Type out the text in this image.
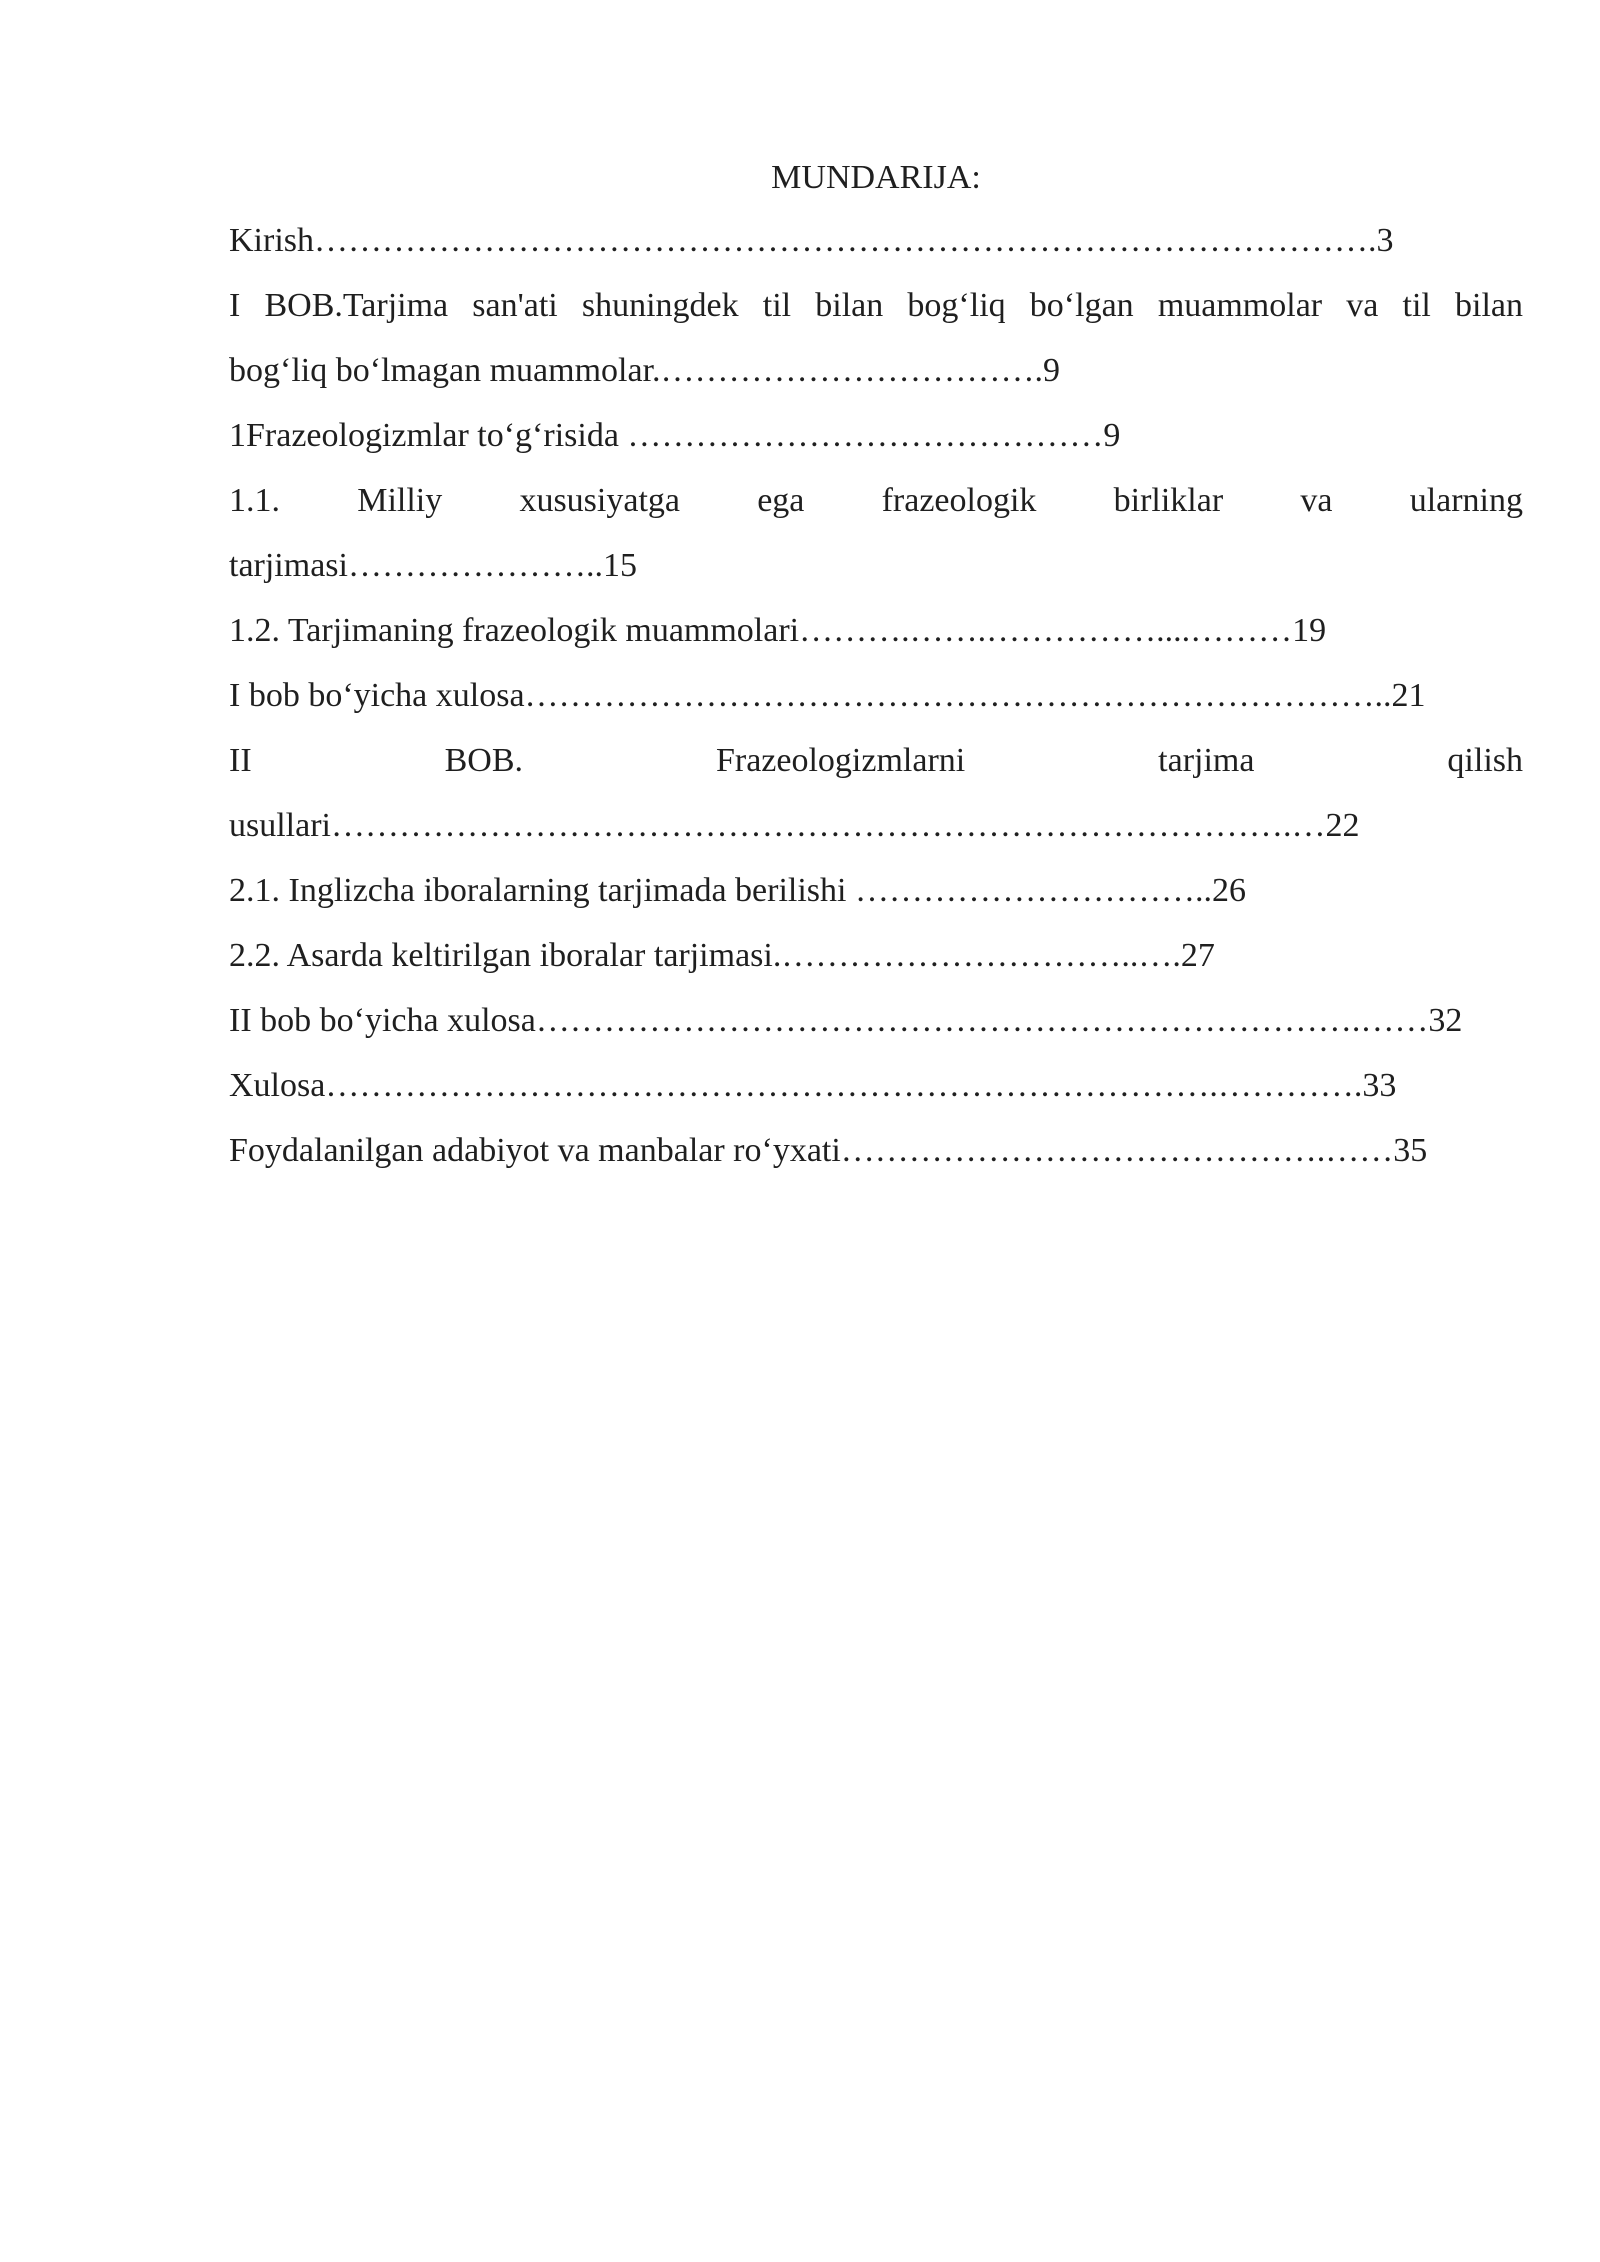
MUNDARIJA:
Kirish………………………………………………………………………………….3
I BOB.Tarjima san'ati shuningdek til bilan bog‘liq bo‘lgan muammolar va til bilan
bog‘liq bo‘lmagan muammolar.…………………………….9
1Frazeologizmlar to‘g‘risida ……………………………………9
1.1. Milliy xususiyatga ega frazeologik birliklar va ularning
tarjimasi…………………..15
1.2. Tarjimaning frazeologik muammolari……….…….……………....………19
I bob bo‘yicha xulosa…………………………………………………………………..21
II BOB. Frazeologizmlarni tarjima qilish
usullari………………………………………………………………………….…22
2.1. Inglizcha iboralarning tarjimada berilishi …………………………..26
2.2. Asarda keltirilgan iboralar tarjimasi.…………………………..….27
II bob bo‘yicha xulosa……………………………………………………………….……32
Xulosa…………………………………………………………………….………….33
Foydalanilgan adabiyot va manbalar ro‘yxati…………………………………….……35
